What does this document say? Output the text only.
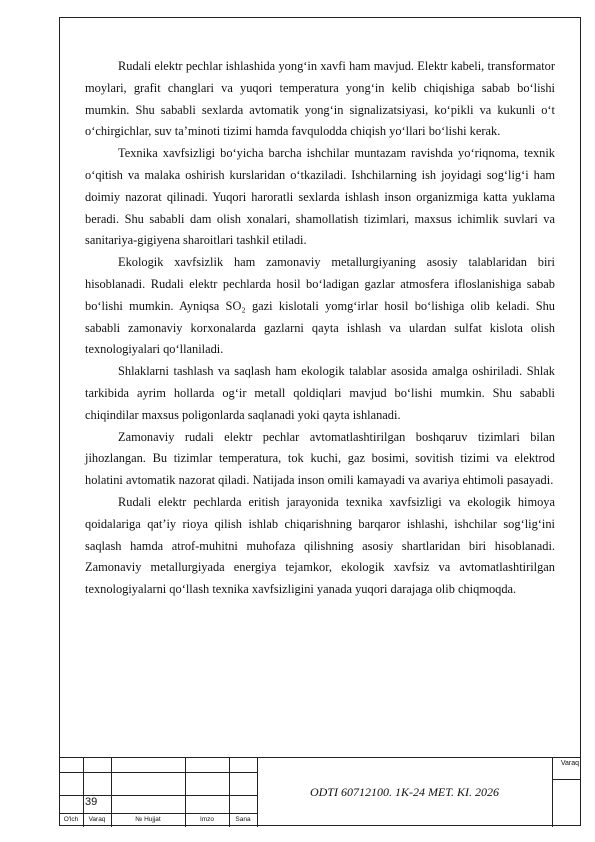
Rudali elektr pechlar ishlashida yong‘in xavfi ham mavjud. Elektr kabeli, transformator moylari, grafit changlari va yuqori temperatura yong‘in kelib chiqishiga sabab bo‘lishi mumkin. Shu sababli sexlarda avtomatik yong‘in signalizatsiyasi, ko‘pikli va kukunli o‘t o‘chirgichlar, suv ta’minoti tizimi hamda favqulodda chiqish yo‘llari bo‘lishi kerak.

Texnika xavfsizligi bo‘yicha barcha ishchilar muntazam ravishda yo‘riqnoma, texnik o‘qitish va malaka oshirish kurslaridan o‘tkaziladi. Ishchilarning ish joyidagi sog‘lig‘i ham doimiy nazorat qilinadi. Yuqori haroratli sexlarda ishlash inson organizmiga katta yuklama beradi. Shu sababli dam olish xonalari, shamollatish tizimlari, maxsus ichimlik suvlari va sanitariya-gigiyena sharoitlari tashkil etiladi.

Ekologik xavfsizlik ham zamonaviy metallurgiyaning asosiy talablaridan biri hisoblanadi. Rudali elektr pechlarda hosil bo‘ladigan gazlar atmosfera ifloslanishiga sabab bo‘lishi mumkin. Ayniqsa SO₂ gazi kislotali yomg‘irlar hosil bo‘lishiga olib keladi. Shu sababli zamonaviy korxonalarda gazlarni qayta ishlash va ulardan sulfat kislota olish texnologiyalari qo‘llaniladi.

Shlaklarni tashlash va saqlash ham ekologik talablar asosida amalga oshiriladi. Shlak tarkibida ayrim hollarda og‘ir metall qoldiqlari mavjud bo‘lishi mumkin. Shu sababli chiqindilar maxsus poligonlarda saqlanadi yoki qayta ishlanadi.

Zamonaviy rudali elektr pechlar avtomatlashtirilgan boshqaruv tizimlari bilan jihozlangan. Bu tizimlar temperatura, tok kuchi, gaz bosimi, sovitish tizimi va elektrod holatini avtomatik nazorat qiladi. Natijada inson omili kamayadi va avariya ehtimoli pasayadi.

Rudali elektr pechlarda eritish jarayonida texnika xavfsizligi va ekologik himoya qoidalariga qat’iy rioya qilish ishlab chiqarishning barqaror ishlashi, ishchilar sog‘lig‘ini saqlash hamda atrof-muhitni muhofaza qilishning asosiy shartlaridan biri hisoblanadi. Zamonaviy metallurgiyada energiya tejamkor, ekologik xavfsiz va avtomatlashtirilgan texnologiyalarni qo‘llash texnika xavfsizligini yanada yuqori darajaga olib chiqmoqda.

39
O'lch	Varaq	№ Hujjat	Imzo	Sana
ODTI 60712100. 1K-24 MET. KI. 2026
Varaq
